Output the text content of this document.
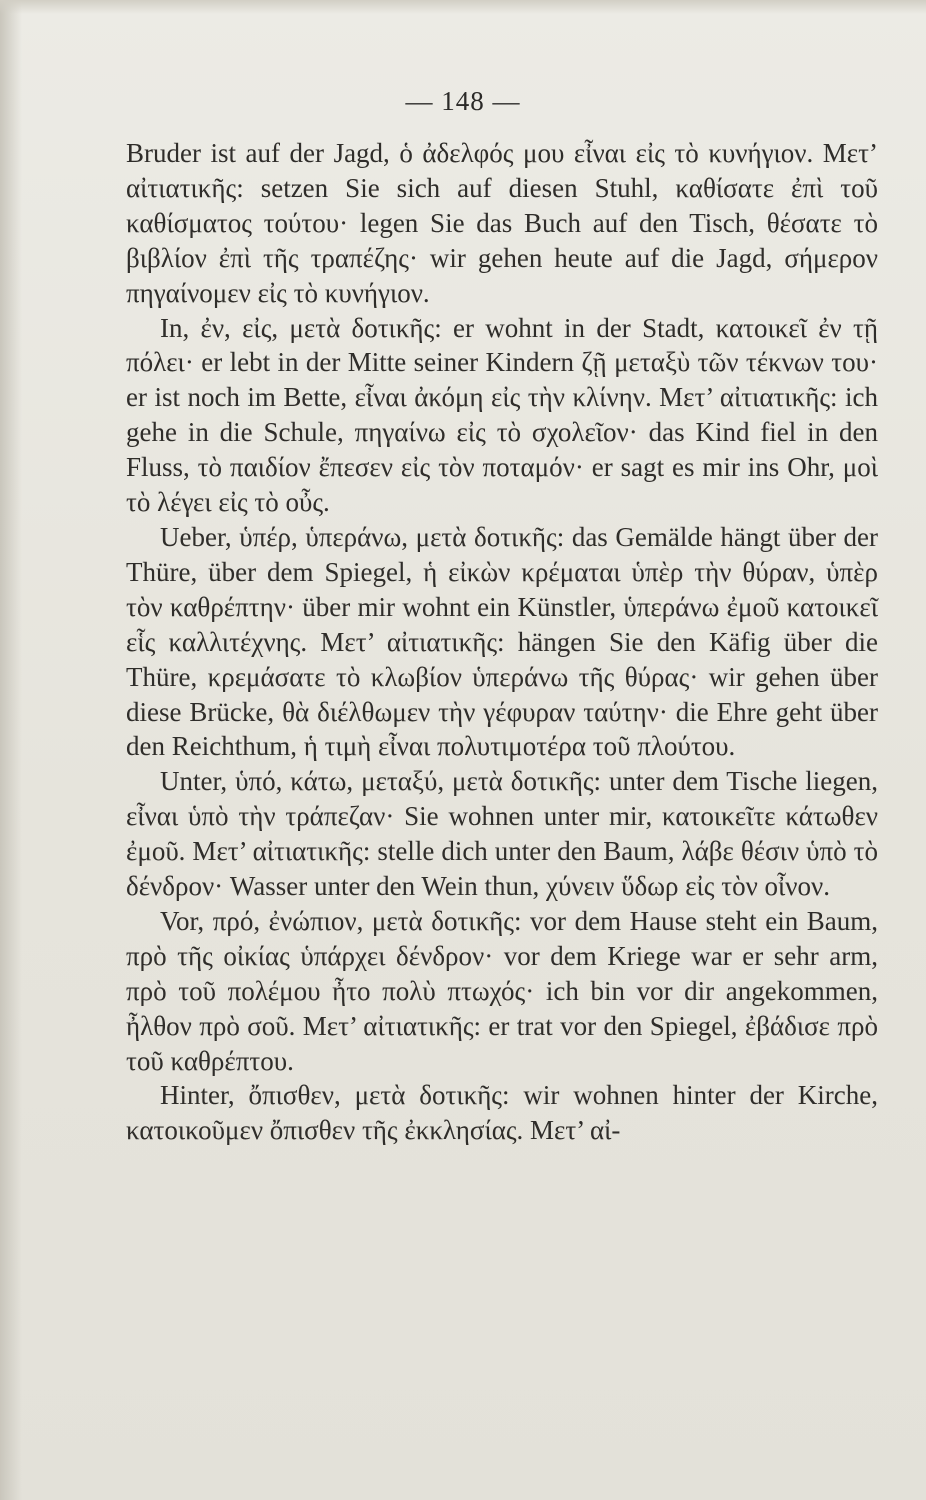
— 148 —

Bruder ist auf der Jagd, ὁ ἀδελφός μου εἶναι εἰς τὸ κυνήγιον. Μετ’ αἰτιατικῆς: setzen Sie sich auf diesen Stuhl, καθίσατε ἐπὶ τοῦ καθίσματος τούτου· legen Sie das Buch auf den Tisch, θέσατε τὸ βιβλίον ἐπὶ τῆς τραπέζης· wir gehen heute auf die Jagd, σήμερον πηγαίνομεν εἰς τὸ κυνήγιον.

In, ἐν, εἰς, μετὰ δοτικῆς: er wohnt in der Stadt, κατοικεῖ ἐν τῇ πόλει· er lebt in der Mitte seiner Kindern ζῇ μεταξὺ τῶν τέκνων του· er ist noch im Bette, εἶναι ἀκόμη εἰς τὴν κλίνην. Μετ’ αἰτιατικῆς: ich gehe in die Schule, πηγαίνω εἰς τὸ σχολεῖον· das Kind fiel in den Fluss, τὸ παιδίον ἔπεσεν εἰς τὸν ποταμόν· er sagt es mir ins Ohr, μοὶ τὸ λέγει εἰς τὸ οὖς.

Ueber, ὑπέρ, ὑπεράνω, μετὰ δοτικῆς: das Gemälde hängt über der Thüre, über dem Spiegel, ἡ εἰκὼν κρέμαται ὑπὲρ τὴν θύραν, ὑπὲρ τὸν καθρέπτην· über mir wohnt ein Künstler, ὑπεράνω ἐμοῦ κατοικεῖ εἷς καλλιτέχνης. Μετ’ αἰτιατικῆς: hängen Sie den Käfig über die Thüre, κρεμάσατε τὸ κλωβίον ὑπεράνω τῆς θύρας· wir gehen über diese Brücke, θὰ διέλθωμεν τὴν γέφυραν ταύτην· die Ehre geht über den Reichthum, ἡ τιμὴ εἶναι πολυτιμοτέρα τοῦ πλούτου.

Unter, ὑπό, κάτω, μεταξύ, μετὰ δοτικῆς: unter dem Tische liegen, εἶναι ὑπὸ τὴν τράπεζαν· Sie wohnen unter mir, κατοικεῖτε κάτωθεν ἐμοῦ. Μετ’ αἰτιατικῆς: stelle dich unter den Baum, λάβε θέσιν ὑπὸ τὸ δένδρον· Wasser unter den Wein thun, χύνειν ὕδωρ εἰς τὸν οἶνον.

Vor, πρό, ἐνώπιον, μετὰ δοτικῆς: vor dem Hause steht ein Baum, πρὸ τῆς οἰκίας ὑπάρχει δένδρον· vor dem Kriege war er sehr arm, πρὸ τοῦ πολέμου ἦτο πολὺ πτωχός· ich bin vor dir angekommen, ἦλθον πρὸ σοῦ. Μετ’ αἰτιατικῆς: er trat vor den Spiegel, ἐβάδισε πρὸ τοῦ καθρέπτου.

Hinter, ὄπισθεν, μετὰ δοτικῆς: wir wohnen hinter der Kirche, κατοικοῦμεν ὄπισθεν τῆς ἐκκλησίας. Μετ’ αἰ-
